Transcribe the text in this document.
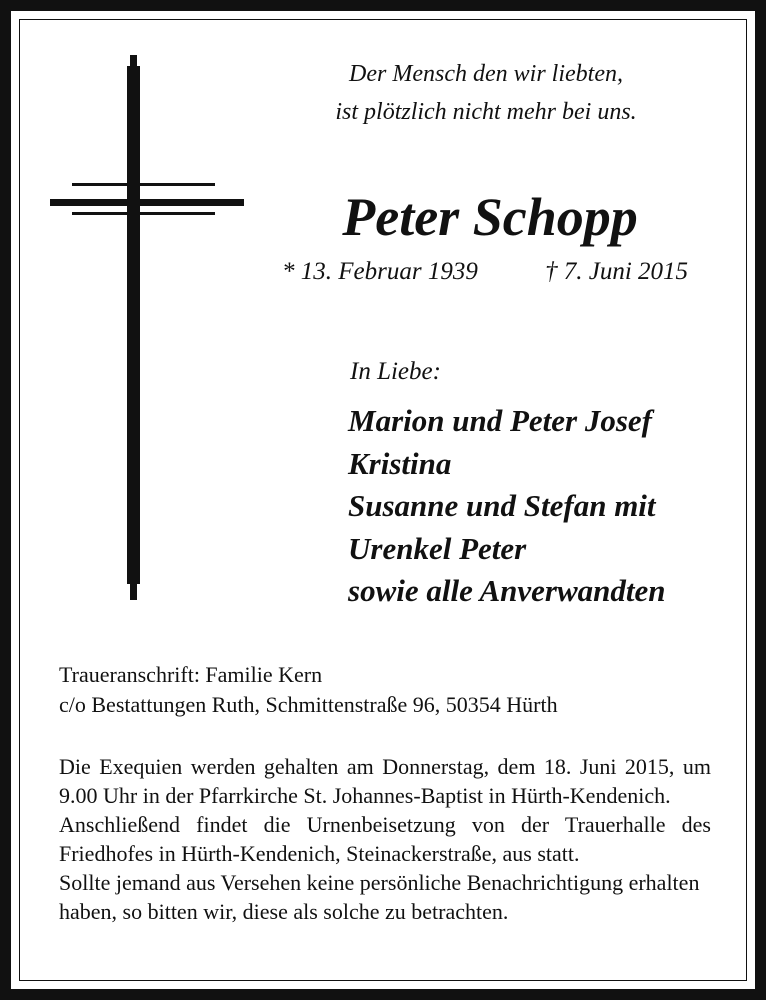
Der Mensch den wir liebten,
ist plötzlich nicht mehr bei uns.
Peter Schopp
* 13. Februar 1939	† 7. Juni 2015
In Liebe:
Marion und Peter Josef
Kristina
Susanne und Stefan mit
Urenkel Peter
sowie alle Anverwandten
Traueranschrift: Familie Kern
c/o Bestattungen Ruth, Schmittenstraße 96, 50354 Hürth
Die Exequien werden gehalten am Donnerstag, dem 18. Juni 2015, um 9.00 Uhr in der Pfarrkirche St. Johannes-Baptist in Hürth-Kendenich.
Anschließend findet die Urnenbeisetzung von der Trauerhalle des Friedhofes in Hürth-Kendenich, Steinackerstraße, aus statt.
Sollte jemand aus Versehen keine persönliche Benachrichtigung erhalten haben, so bitten wir, diese als solche zu betrachten.
